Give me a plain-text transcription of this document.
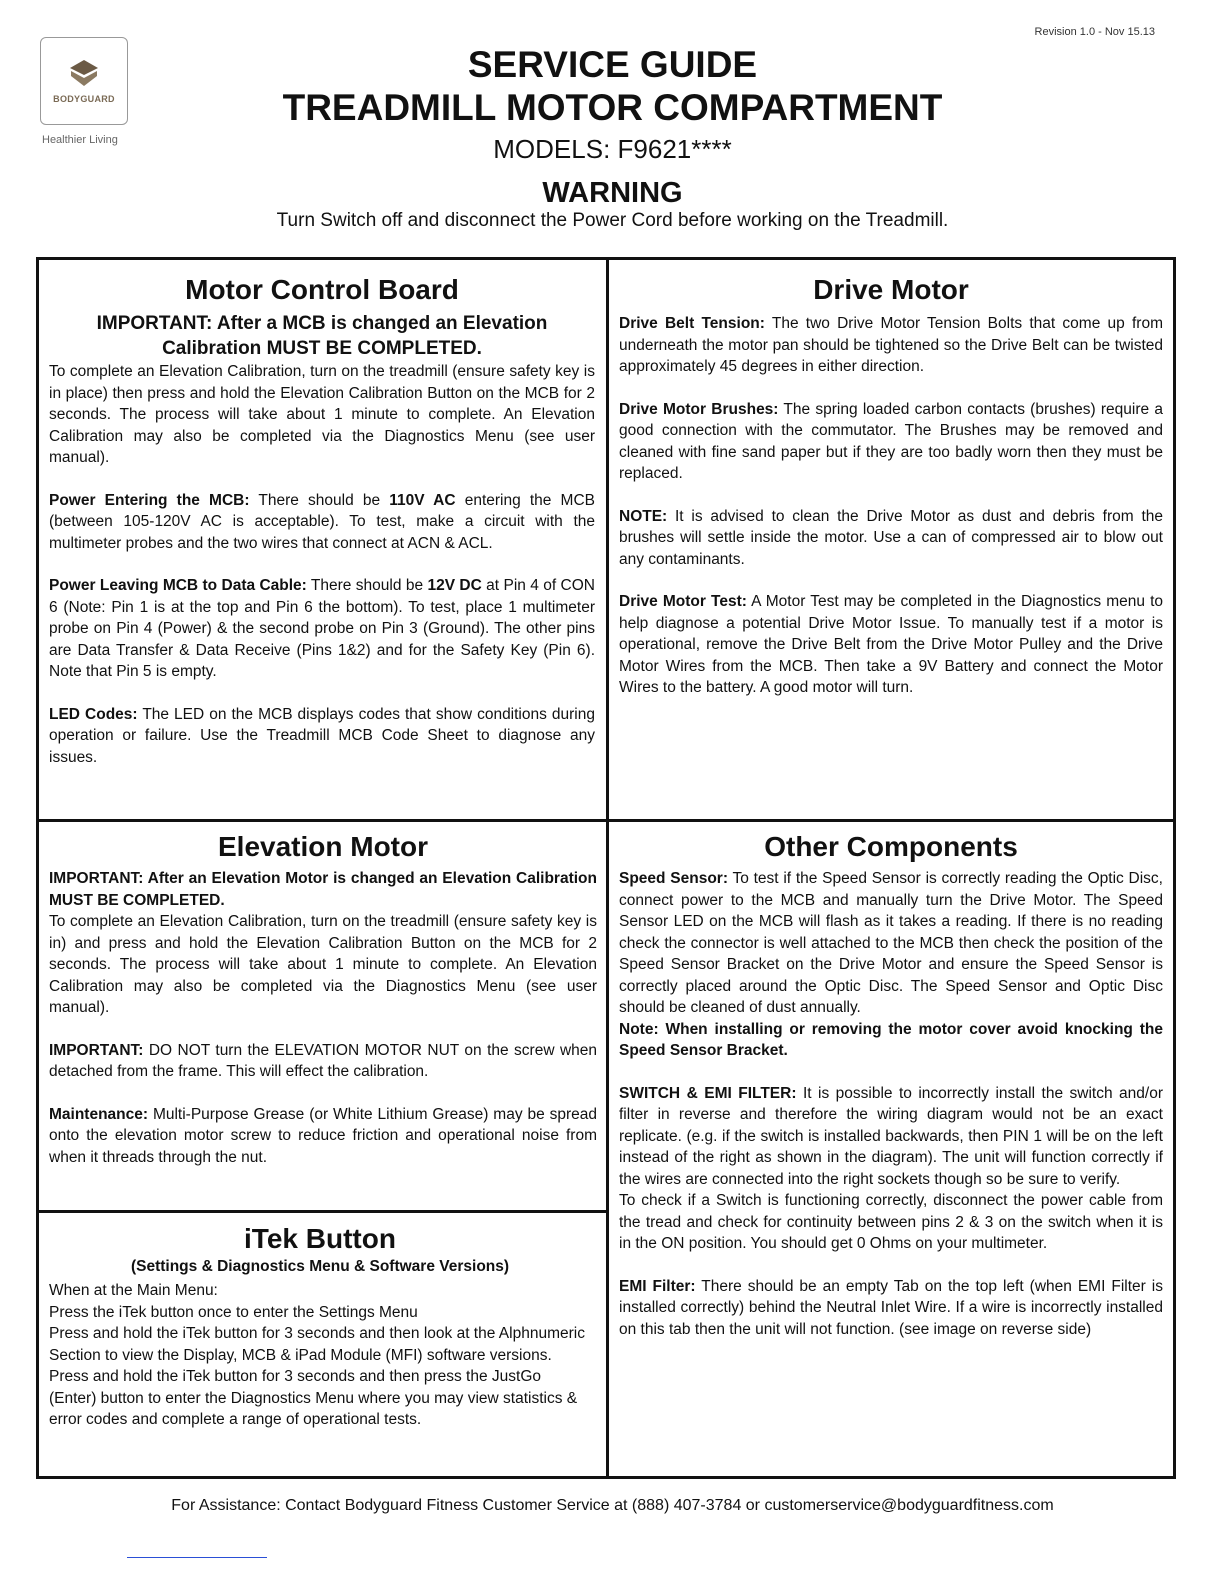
Revision 1.0 - Nov 15.13
BODYGUARD
Healthier Living
SERVICE GUIDE
TREADMILL MOTOR COMPARTMENT
MODELS: F9621****
WARNING
Turn Switch off and disconnect the Power Cord before working on the Treadmill.
Motor Control Board
IMPORTANT: After a MCB is changed an Elevation Calibration MUST BE COMPLETED.

To complete an Elevation Calibration, turn on the treadmill (ensure safety key is in place) then press and hold the Elevation Calibration Button on the MCB for 2 seconds. The process will take about 1 minute to complete. An Elevation Calibration may also be completed via the Diagnostics Menu (see user manual).

Power Entering the MCB: There should be 110V AC entering the MCB (between 105-120V AC is acceptable). To test, make a circuit with the multimeter probes and the two wires that connect at ACN & ACL.

Power Leaving MCB to Data Cable: There should be 12V DC at Pin 4 of CON 6 (Note: Pin 1 is at the top and Pin 6 the bottom). To test, place 1 multimeter probe on Pin 4 (Power) & the second probe on Pin 3 (Ground). The other pins are Data Transfer & Data Receive (Pins 1&2) and for the Safety Key (Pin 6). Note that Pin 5 is empty.

LED Codes: The LED on the MCB displays codes that show conditions during operation or failure. Use the Treadmill MCB Code Sheet to diagnose any issues.

Drive Motor

Drive Belt Tension: The two Drive Motor Tension Bolts that come up from underneath the motor pan should be tightened so the Drive Belt can be twisted approximately 45 degrees in either direction.

Drive Motor Brushes: The spring loaded carbon contacts (brushes) require a good connection with the commutator. The Brushes may be removed and cleaned with fine sand paper but if they are too badly worn then they must be replaced.

NOTE: It is advised to clean the Drive Motor as dust and debris from the brushes will settle inside the motor. Use a can of compressed air to blow out any contaminants.

Drive Motor Test: A Motor Test may be completed in the Diagnostics menu to help diagnose a potential Drive Motor Issue. To manually test if a motor is operational, remove the Drive Belt from the Drive Motor Pulley and the Drive Motor Wires from the MCB. Then take a 9V Battery and connect the Motor Wires to the battery. A good motor will turn.

Elevation Motor

IMPORTANT: After an Elevation Motor is changed an Elevation Calibration MUST BE COMPLETED.

To complete an Elevation Calibration, turn on the treadmill (ensure safety key is in) and press and hold the Elevation Calibration Button on the MCB for 2 seconds. The process will take about 1 minute to complete. An Elevation Calibration may also be completed via the Diagnostics Menu (see user manual).

IMPORTANT: DO NOT turn the ELEVATION MOTOR NUT on the screw when detached from the frame. This will effect the calibration.

Maintenance: Multi-Purpose Grease (or White Lithium Grease) may be spread onto the elevation motor screw to reduce friction and operational noise from when it threads through the nut.

iTek Button
(Settings & Diagnostics Menu & Software Versions)

When at the Main Menu:

Press the iTek button once to enter the Settings Menu

Press and hold the iTek button for 3 seconds and then look at the Alphnumeric Section to view the Display, MCB & iPad Module (MFI) software versions.

Press and hold the iTek button for 3 seconds and then press the JustGo (Enter) button to enter the Diagnostics Menu where you may view statistics & error codes and complete a range of operational tests.

Other Components

Speed Sensor: To test if the Speed Sensor is correctly reading the Optic Disc, connect power to the MCB and manually turn the Drive Motor. The Speed Sensor LED on the MCB will flash as it takes a reading. If there is no reading check the connector is well attached to the MCB then check the position of the Speed Sensor Bracket on the Drive Motor and ensure the Speed Sensor is correctly placed around the Optic Disc. The Speed Sensor and Optic Disc should be cleaned of dust annually.

Note: When installing or removing the motor cover avoid knocking the Speed Sensor Bracket.

SWITCH & EMI FILTER: It is possible to incorrectly install the switch and/or filter in reverse and therefore the wiring diagram would not be an exact replicate. (e.g. if the switch is installed backwards, then PIN 1 will be on the left instead of the right as shown in the diagram). The unit will function correctly if the wires are connected into the right sockets though so be sure to verify.

To check if a Switch is functioning correctly, disconnect the power cable from the tread and check for continuity between pins 2 & 3 on the switch when it is in the ON position. You should get 0 Ohms on your multimeter.

EMI Filter: There should be an empty Tab on the top left (when EMI Filter is installed correctly) behind the Neutral Inlet Wire. If a wire is incorrectly installed on this tab then the unit will not function. (see image on reverse side)

For Assistance: Contact Bodyguard Fitness Customer Service at (888) 407-3784 or customerservice@bodyguardfitness.com
